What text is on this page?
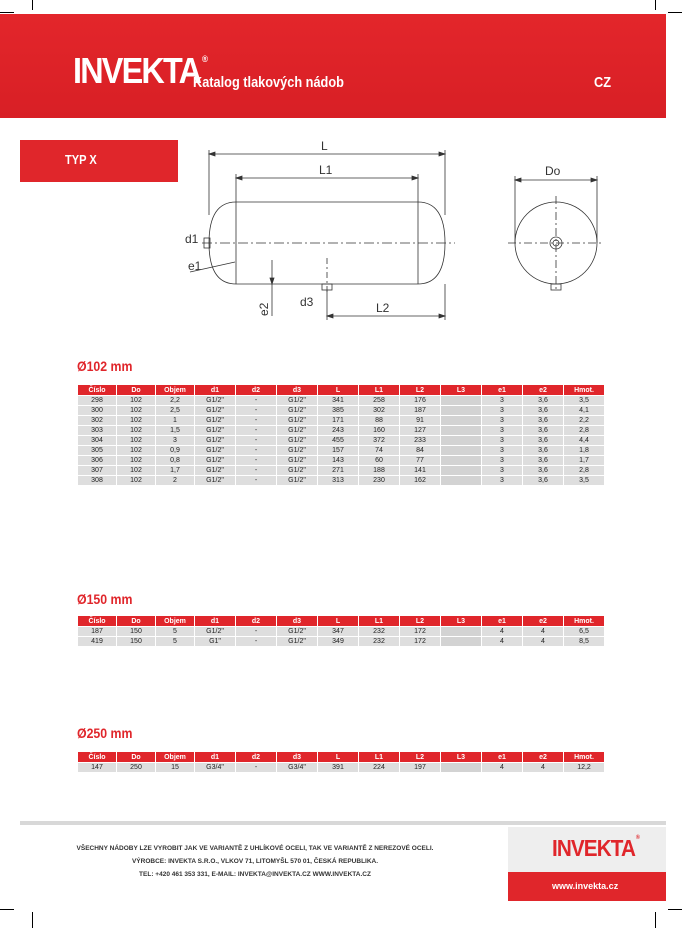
INVEKTA ®
Katalog tlakových nádob	CZ
TYP X
L
L1
d1
e1
d3	L2
Do
e2
Ø102 mm
Číslo	Do	Objem	d1	d2	d3	L	L1	L2	L3	e1	e2	Hmot.
298	102	2,2	G1/2"	-	G1/2"	341	258	176		3	3,6	3,5
300	102	2,5	G1/2"	-	G1/2"	385	302	187		3	3,6	4,1
302	102	1	G1/2"	-	G1/2"	171	88	91		3	3,6	2,2
303	102	1,5	G1/2"	-	G1/2"	243	160	127		3	3,6	2,8
304	102	3	G1/2"	-	G1/2"	455	372	233		3	3,6	4,4
305	102	0,9	G1/2"	-	G1/2"	157	74	84		3	3,6	1,8
306	102	0,8	G1/2"	-	G1/2"	143	60	77		3	3,6	1,7
307	102	1,7	G1/2"	-	G1/2"	271	188	141		3	3,6	2,8
308	102	2	G1/2"	-	G1/2"	313	230	162		3	3,6	3,5
Ø150 mm
Číslo	Do	Objem	d1	d2	d3	L	L1	L2	L3	e1	e2	Hmot.
187	150	5	G1/2"	-	G1/2"	347	232	172		4	4	6,5
419	150	5	G1"	-	G1/2"	349	232	172		4	4	8,5
Ø250 mm
Číslo	Do	Objem	d1	d2	d3	L	L1	L2	L3	e1	e2	Hmot.
147	250	15	G3/4"	-	G3/4"	391	224	197		4	4	12,2
VŠECHNY NÁDOBY LZE VYROBIT JAK VE VARIANTĚ Z UHLÍKOVÉ OCELI, TAK VE VARIANTĚ Z NEREZOVÉ OCELI.
VÝROBCE: INVEKTA S.R.O., VLKOV 71, LITOMYŠL 570 01, ČESKÁ REPUBLIKA.
TEL: +420 461 353 331, E-MAIL: INVEKTA@INVEKTA.CZ WWW.INVEKTA.CZ
INVEKTA®
www.invekta.cz
